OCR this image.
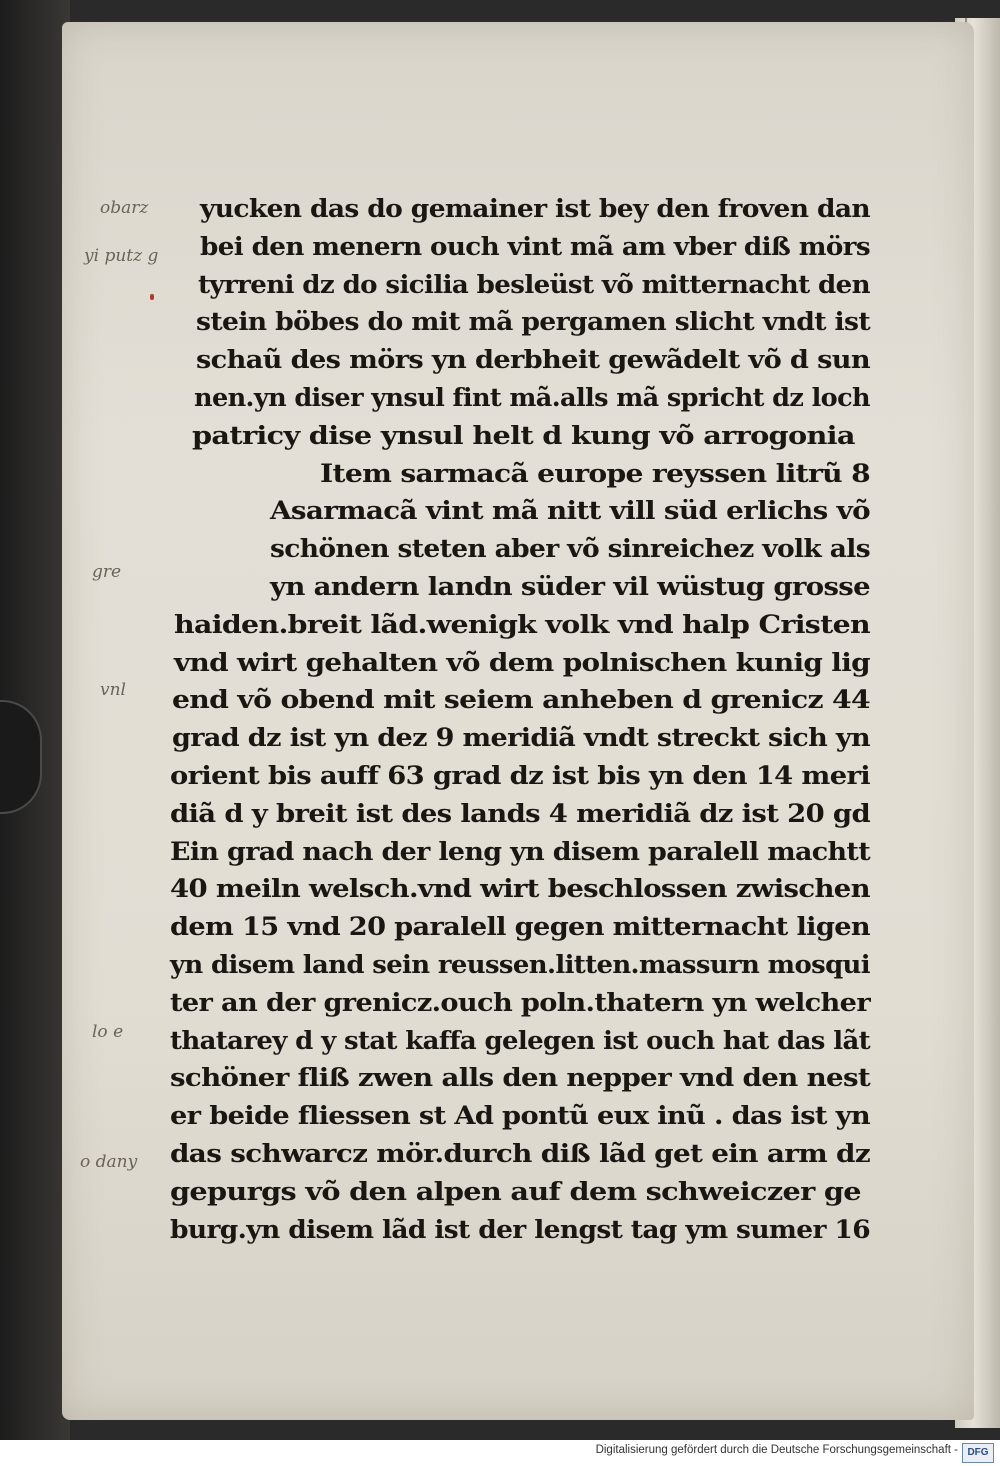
obarz
yi putz g
gre
vnl
lo e
o dany
yucken das do gemainer ist bey den froven dan
bei den menern ouch vint mã am vber diß mörs
tyrreni dz do sicilia besleüst võ mitternacht den
stein böbes do mit mã pergamen slicht vndt ist
schaũ des mörs yn derbheit gewãdelt võ d sun
nen.yn diser ynsul fint mã.alls mã spricht dz loch
patricy dise ynsul helt d kung võ arrogonia
Item sarmacã europe reyssen litrũ 8
Asarmacã vint mã nitt vill süd erlichs võ
schönen steten aber võ sinreichez volk als
yn andern landn süder vil wüstug grosse
haiden.breit lãd.wenigk volk vnd halp Cristen
vnd wirt gehalten võ dem polnischen kunig lig
end võ obend mit seiem anheben d grenicz 44
grad dz ist yn dez 9 meridiã vndt streckt sich yn
orient bis auff 63 grad dz ist bis yn den 14 meri
diã d y breit ist des lands 4 meridiã dz ist 20 gd
Ein grad nach der leng yn disem paralell machtt
40 meiln welsch.vnd wirt beschlossen zwischen
dem 15 vnd 20 paralell gegen mitternacht ligen
yn disem land sein reussen.litten.massurn mosqui
ter an der grenicz.ouch poln.thatern yn welcher
thatarey d y stat kaffa gelegen ist ouch hat das lãt
schöner fliß zwen alls den nepper vnd den nest
er beide fliessen st Ad pontũ eux inũ . das ist yn
das schwarcz mör.durch diß lãd get ein arm dz
gepurgs võ den alpen auf dem schweiczer ge
burg.yn disem lãd ist der lengst tag ym sumer 16
Digitalisierung gefördert durch die Deutsche Forschungsgemeinschaft - DFG
